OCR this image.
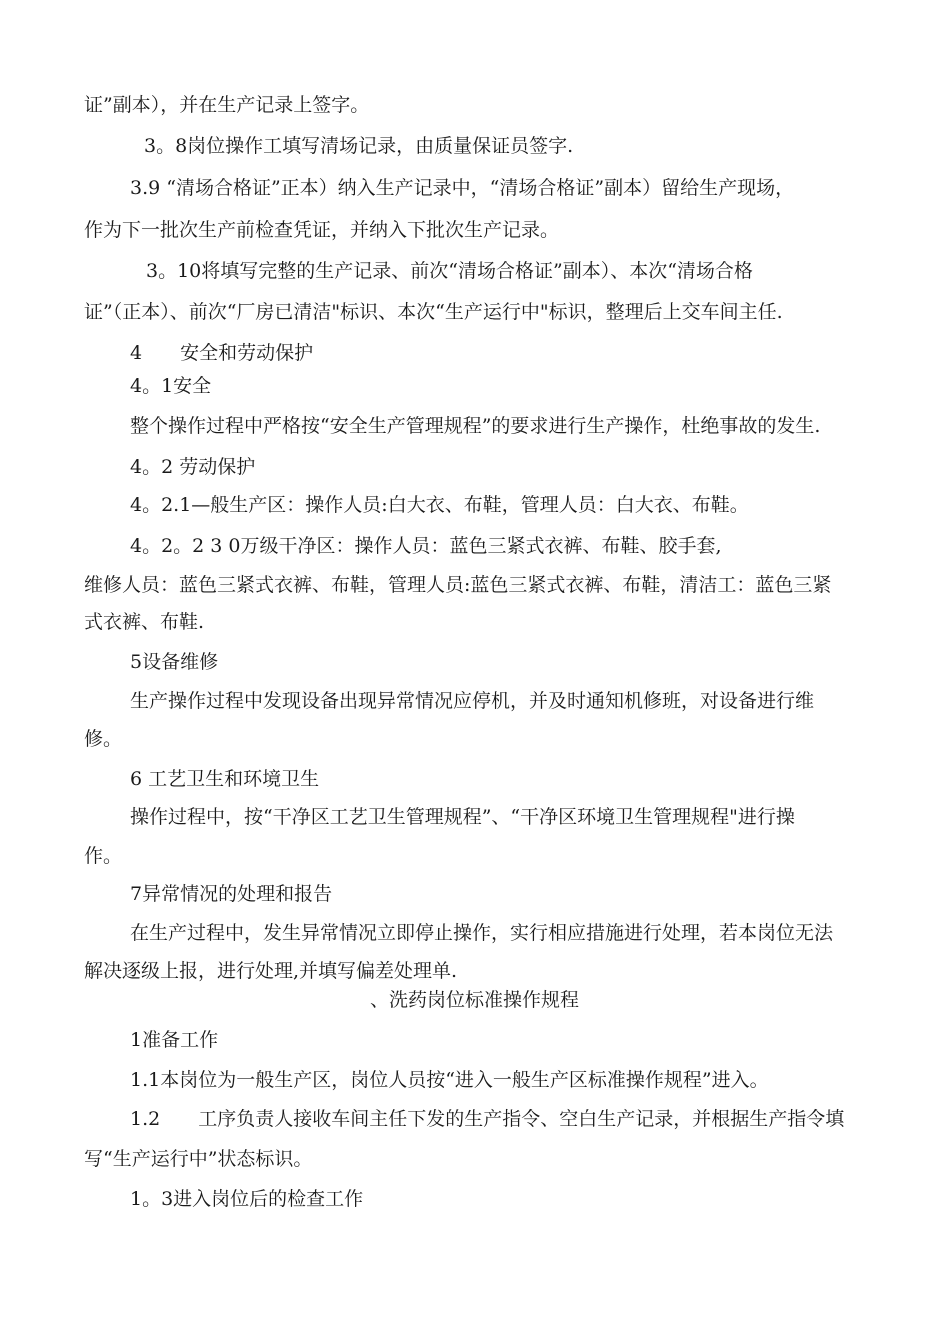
证”副本），并在生产记录上签字。
3。8岗位操作工填写清场记录，由质量保证员签字.
3.9 “清场合格证”正本）纳入生产记录中，“清场合格证”副本）留给生产现场，
作为下一批次生产前检查凭证，并纳入下批次生产记录。
3。10将填写完整的生产记录、前次“清场合格证”副本）、本次“清场合格
证”（正本）、前次“厂房已清洁"标识、本次“生产运行中"标识，整理后上交车间主任.
4　　安全和劳动保护
4。1安全
整个操作过程中严格按“安全生产管理规程”的要求进行生产操作，杜绝事故的发生.
4。2 劳动保护
4。2.1—般生产区：操作人员:白大衣、布鞋，管理人员：白大衣、布鞋。
4。2。2 3 0万级干净区：操作人员：蓝色三紧式衣裤、布鞋、胶手套,
维修人员：蓝色三紧式衣裤、布鞋，管理人员:蓝色三紧式衣裤、布鞋，清洁工：蓝色三紧
式衣裤、布鞋.
5设备维修
生产操作过程中发现设备出现异常情况应停机，并及时通知机修班，对设备进行维
修。
6 工艺卫生和环境卫生
操作过程中，按“干净区工艺卫生管理规程”、“干净区环境卫生管理规程"进行操
作。
7异常情况的处理和报告
在生产过程中，发生异常情况立即停止操作，实行相应措施进行处理，若本岗位无法
解决逐级上报，进行处理,并填写偏差处理单.
、洗药岗位标准操作规程
1准备工作
1.1本岗位为一般生产区，岗位人员按“进入一般生产区标准操作规程”进入。
1.2　　工序负责人接收车间主任下发的生产指令、空白生产记录，并根据生产指令填
写“生产运行中”状态标识。
1。3进入岗位后的检查工作
